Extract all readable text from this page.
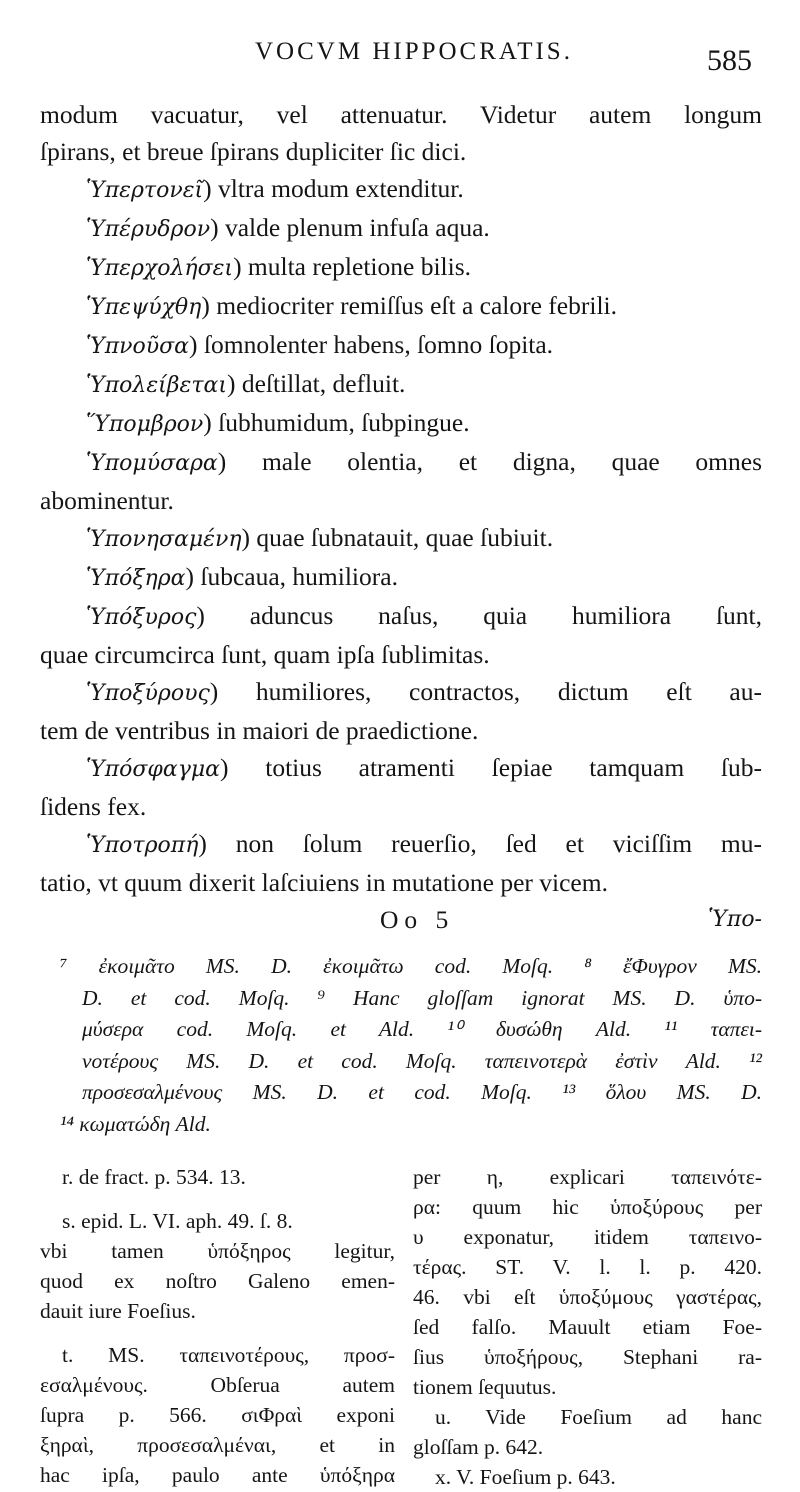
VOCVM HIPPOCRATIS.	585
modum vacuatur, vel attenuatur. Videtur autem longum
ſpirans, et breue ſpirans dupliciter ſic dici.
Ὑπερτονεῖ) vltra modum extenditur.
Ὑπέρυδρον) valde plenum infuſa aqua.
Ὑπερχολήσει) multa repletione bilis.
Ὑπεψύχθη) mediocriter remiſſus eſt a calore febrili.
Ὑπνοῦσα) ſomnolenter habens, ſomno ſopita.
Ὑπολείβεται) deſtillat, defluit.
Ὕπομβρον) ſubhumidum, ſubpingue.
Ὑπομύσαρα) male olentia, et digna, quae omnes
abominentur.
Ὑπονησαμένη) quae ſubnatauit, quae ſubiuit.
Ὑπόξηρα) ſubcaua, humiliora.
Ὑπόξυρος) aduncus naſus, quia humiliora ſunt,
quae circumcirca ſunt, quam ipſa ſublimitas.
Ὑποξύρους) humiliores, contractos, dictum eſt au-
tem de ventribus in maiori de praedictione.
Ὑπόσφαγμα) totius atramenti ſepiae tamquam ſub-
ſidens fex.
Ὑποτροπή) non ſolum reuerſio, ſed et viciſſim mu-
tatio, vt quum dixerit laſciuiens in mutatione per vicem.
Oo 5	Ὑπο-
⁷ ἐκοιμᾶτο MS. D. ἐκοιμᾶτω cod. Moſq. ⁸ ἔΦυγρον MS.
D. et cod. Moſq. ⁹ Hanc gloſſam ignorat MS. D. ὑπο-
μύσερα cod. Moſq. et Ald. ¹⁰ δυσώθη Ald. ¹¹ ταπει-
νοτέρους MS. D. et cod. Moſq. ταπεινοτερὰ ἐστὶν Ald. ¹²
προσεσαλμένους MS. D. et cod. Moſq. ¹³ ὅλου MS. D.
¹⁴ κωματώδη Ald.
r. de fract. p. 534. 13.
s. epid. L. VI. aph. 49. ſ. 8.
vbi tamen ὑπόξηρος legitur,
quod ex noſtro Galeno emen-
dauit iure Foeſius.
t. MS. ταπεινοτέρους, προσ-
εσαλμένους. Obſerua autem
ſupra p. 566. σιΦραὶ exponi
ξηραὶ, προσεσαλμέναι, et in
hac ipſa, paulo ante ὑπόξηρα
per η, explicari ταπεινότε-
ρα: quum hic ὑποξύρους per
υ exponatur, itidem ταπεινο-
τέρας. ST. V. l. l. p. 420.
46. vbi eſt ὑποξύμους γαστέρας,
ſed falſo. Mauult etiam Foe-
ſius ὑποξήρους, Stephani ra-
tionem ſequutus.
u. Vide Foeſium ad hanc
gloſſam p. 642.
x. V. Foeſium p. 643.
